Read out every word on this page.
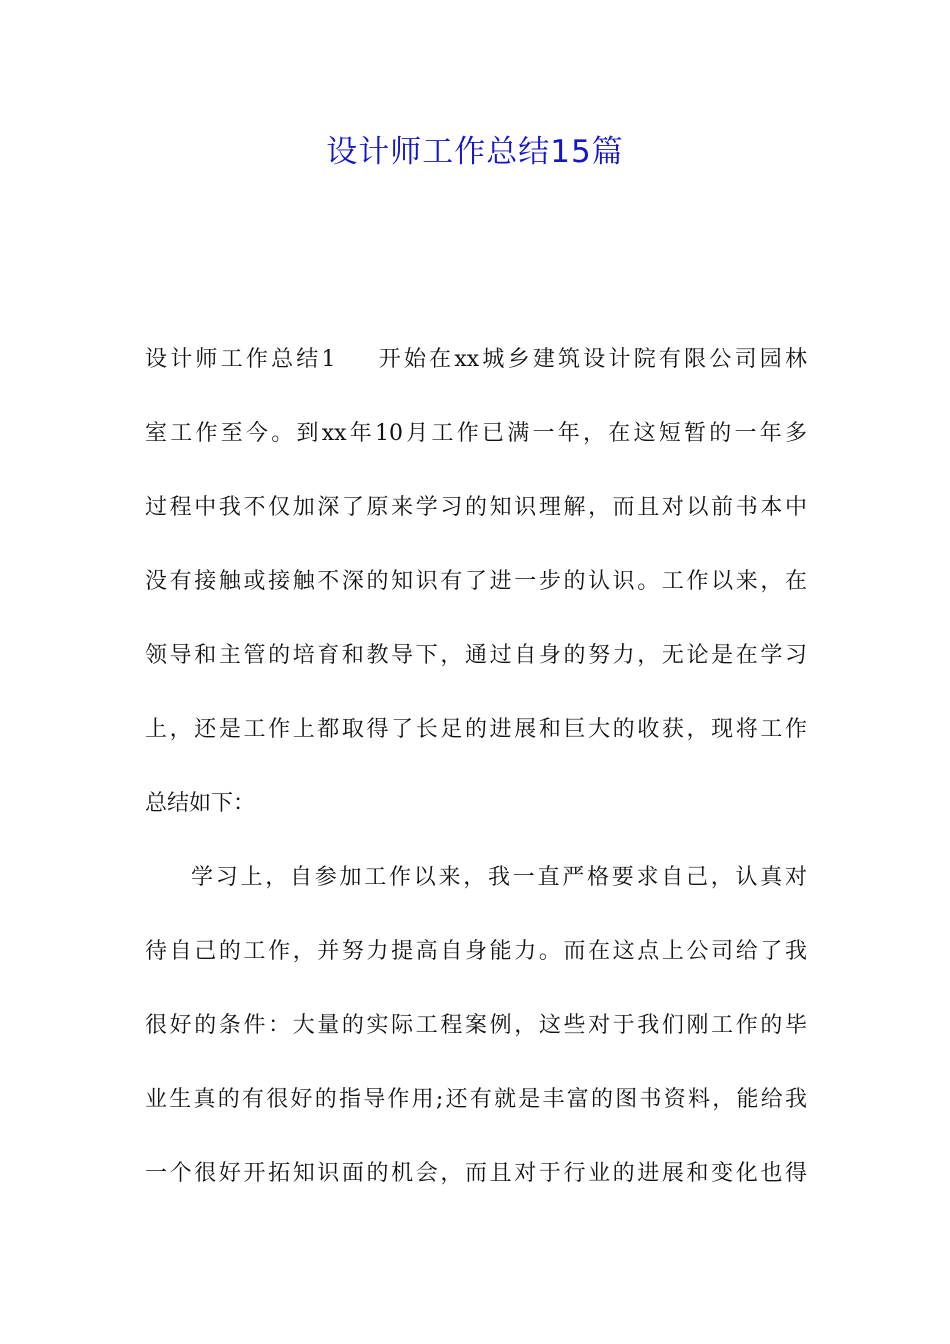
设计师工作总结15篇
设计师工作总结1 开始在xx城乡建筑设计院有限公司园林
室工作至今。到xx年10月工作已满一年，在这短暂的一年多
过程中我不仅加深了原来学习的知识理解，而且对以前书本中
没有接触或接触不深的知识有了进一步的认识。工作以来，在
领导和主管的培育和教导下，通过自身的努力，无论是在学习
上，还是工作上都取得了长足的进展和巨大的收获，现将工作
总结如下：
学习上，自参加工作以来，我一直严格要求自己，认真对
待自己的工作，并努力提高自身能力。而在这点上公司给了我
很好的条件：大量的实际工程案例，这些对于我们刚工作的毕
业生真的有很好的指导作用;还有就是丰富的图书资料，能给我
一个很好开拓知识面的机会，而且对于行业的进展和变化也得
